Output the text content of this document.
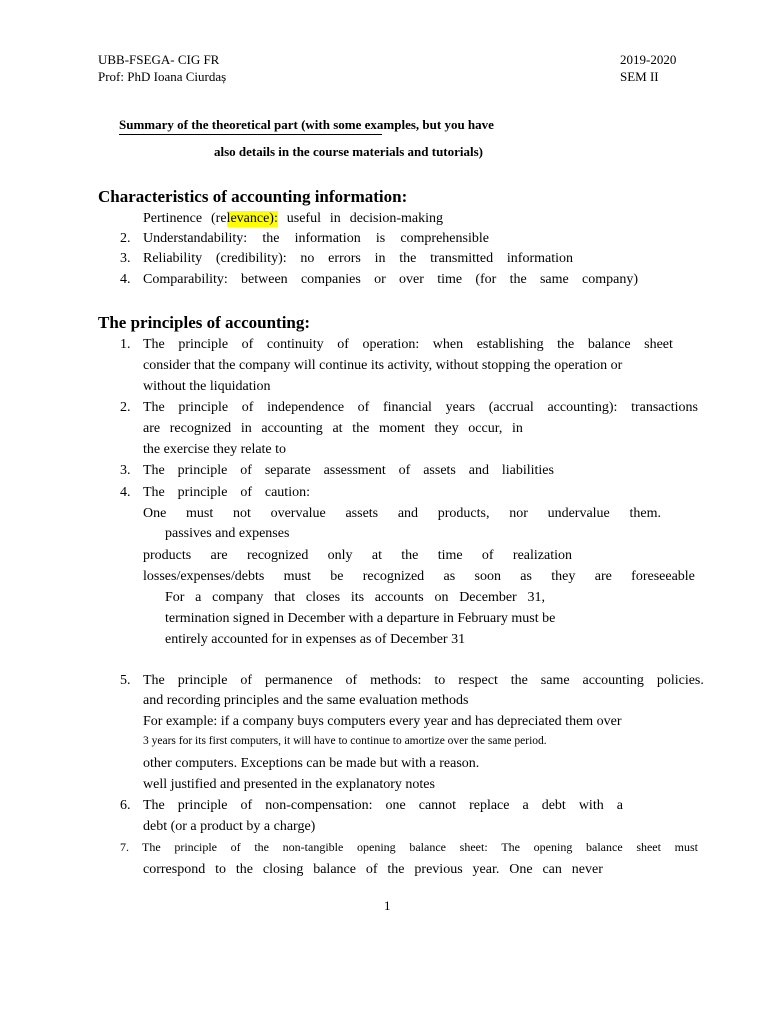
UBB-FSEGA- CIG FR
Prof: PhD Ioana Ciurdaș
2019-2020
SEM II
Summary of the theoretical part (with some examples, but you have
also details in the course materials and tutorials)
Characteristics of accounting information:
Pertinence (relevance): useful in decision-making
2. Understandability: the information is comprehensible
3. Reliability (credibility): no errors in the transmitted information
4. Comparability: between companies or over time (for the same company)
The principles of accounting:
1. The principle of continuity of operation: when establishing the balance sheet
consider that the company will continue its activity, without stopping the operation or
without the liquidation
2. The principle of independence of financial years (accrual accounting): transactions
are recognized in accounting at the moment they occur, in
the exercise they relate to
3. The principle of separate assessment of assets and liabilities
4. The principle of caution:
One must not overvalue assets and products, nor undervalue them.
passives and expenses
products are recognized only at the time of realization
losses/expenses/debts must be recognized as soon as they are foreseeable
For a company that closes its accounts on December 31,
termination signed in December with a departure in February must be
entirely accounted for in expenses as of December 31
5. The principle of permanence of methods: to respect the same accounting policies.
and recording principles and the same evaluation methods
For example: if a company buys computers every year and has depreciated them over
3 years for its first computers, it will have to continue to amortize over the same period.
other computers. Exceptions can be made but with a reason.
well justified and presented in the explanatory notes
6. The principle of non-compensation: one cannot replace a debt with a
debt (or a product by a charge)
7. The principle of the non-tangible opening balance sheet: The opening balance sheet must
correspond to the closing balance of the previous year. One can never
1
